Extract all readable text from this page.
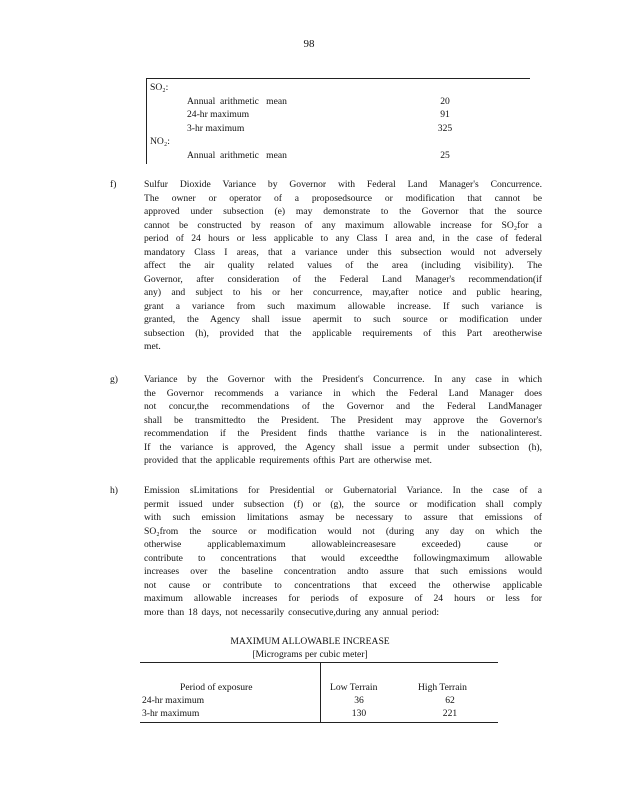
98
SO₂:
Annual  arithmetic   mean	20
24-hr maximum	91
3-hr maximum	325
NO₂:
Annual  arithmetic   mean	25
f)	Sulfur Dioxide Variance by Governor with Federal Land Manager's Concurrence.
The owner or operator of a proposedsource or modification that cannot be
approved under subsection (e) may demonstrate to the Governor that the source
cannot be constructed by reason of any maximum allowable increase for SO₂for a
period of 24 hours or less applicable to any Class I area and, in the case of federal
mandatory Class I areas, that a variance under this subsection would not adversely
affect the air quality related values of the area (including visibility). The
Governor, after consideration of the Federal Land Manager's recommendation(if
any) and subject to his or her concurrence, may,after notice and public hearing,
grant a variance from such maximum allowable increase. If such variance is
granted, the Agency shall issue apermit to such source or modification under
subsection (h), provided that the applicable requirements of this Part areotherwise
met.
g)	Variance by the Governor with the President's Concurrence. In any case in which
the Governor recommends a variance in which the Federal Land Manager does
not concur,the recommendations of the Governor and the Federal LandManager
shall be transmittedto the President. The President may approve the Governor's
recommendation if the President finds thatthe variance is in the nationalinterest.
If the variance is approved, the Agency shall issue a permit under subsection (h),
provided that the applicable requirements ofthis Part are otherwise met.
h)	Emission sLimitations for Presidential or Gubernatorial Variance. In the case of a
permit issued under subsection (f) or (g), the source or modification shall comply
with such emission limitations asmay be necessary to assure that emissions of
SO₂from the source or modification would not (during any day on which the
otherwise applicablemaximum allowableincreasesare exceeded) cause or
contribute to concentrations that would exceedthe followingmaximum allowable
increases over the baseline concentration andto assure that such emissions would
not cause or contribute to concentrations that exceed the otherwise applicable
maximum allowable increases for periods of exposure of 24 hours or less for
more than 18 days, not necessarily consecutive,during any annual period:
MAXIMUM ALLOWABLE INCREASE
[Micrograms per cubic meter]
Period of exposure	Low Terrain	High Terrain
24-hr maximum	36	62
3-hr maximum	130	221
